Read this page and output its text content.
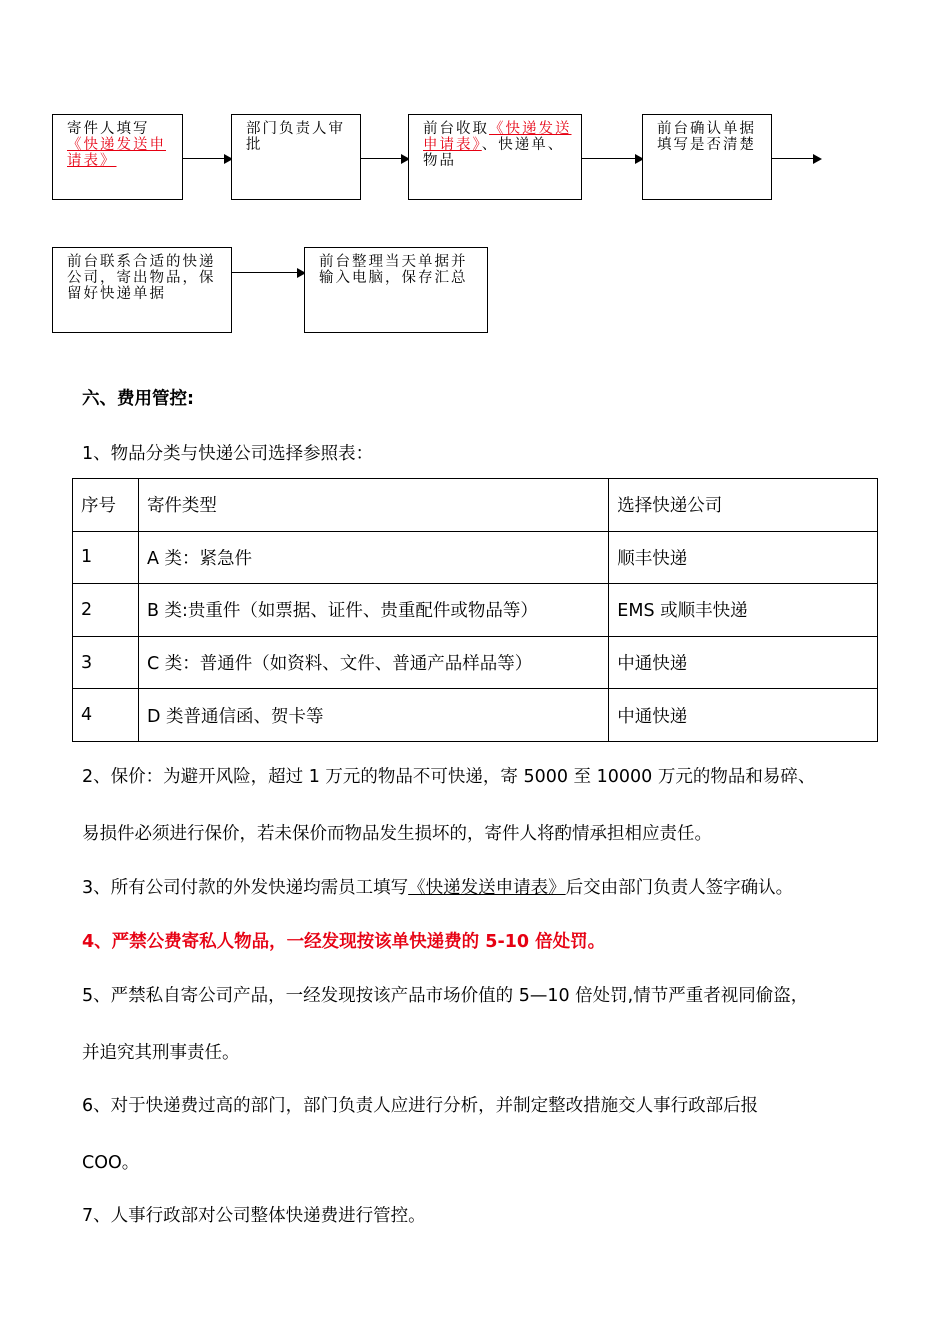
寄件人填写
《快递发送申请表》
部门负责人审批
前台收取《快递发送申请表》、快递单、物品
前台确认单据填写是否清楚
前台联系合适的快递公司，寄出物品，保留好快递单据
前台整理当天单据并输入电脑，保存汇总
六、费用管控:
1、物品分类与快递公司选择参照表：
序号	寄件类型	选择快递公司
1	A 类：紧急件	顺丰快递
2	B 类:贵重件（如票据、证件、贵重配件或物品等）	EMS 或顺丰快递
3	C 类：普通件（如资料、文件、普通产品样品等）	中通快递
4	D 类普通信函、贺卡等	中通快递
2、保价：为避开风险，超过 1 万元的物品不可快递，寄 5000 至 10000 万元的物品和易碎、
易损件必须进行保价，若未保价而物品发生损坏的，寄件人将酌情承担相应责任。
3、所有公司付款的外发快递均需员工填写《快递发送申请表》后交由部门负责人签字确认。
4、严禁公费寄私人物品，一经发现按该单快递费的 5-10 倍处罚。
5、严禁私自寄公司产品，一经发现按该产品市场价值的 5—10 倍处罚,情节严重者视同偷盗，
并追究其刑事责任。
6、对于快递费过高的部门，部门负责人应进行分析，并制定整改措施交人事行政部后报
COO。
7、人事行政部对公司整体快递费进行管控。
